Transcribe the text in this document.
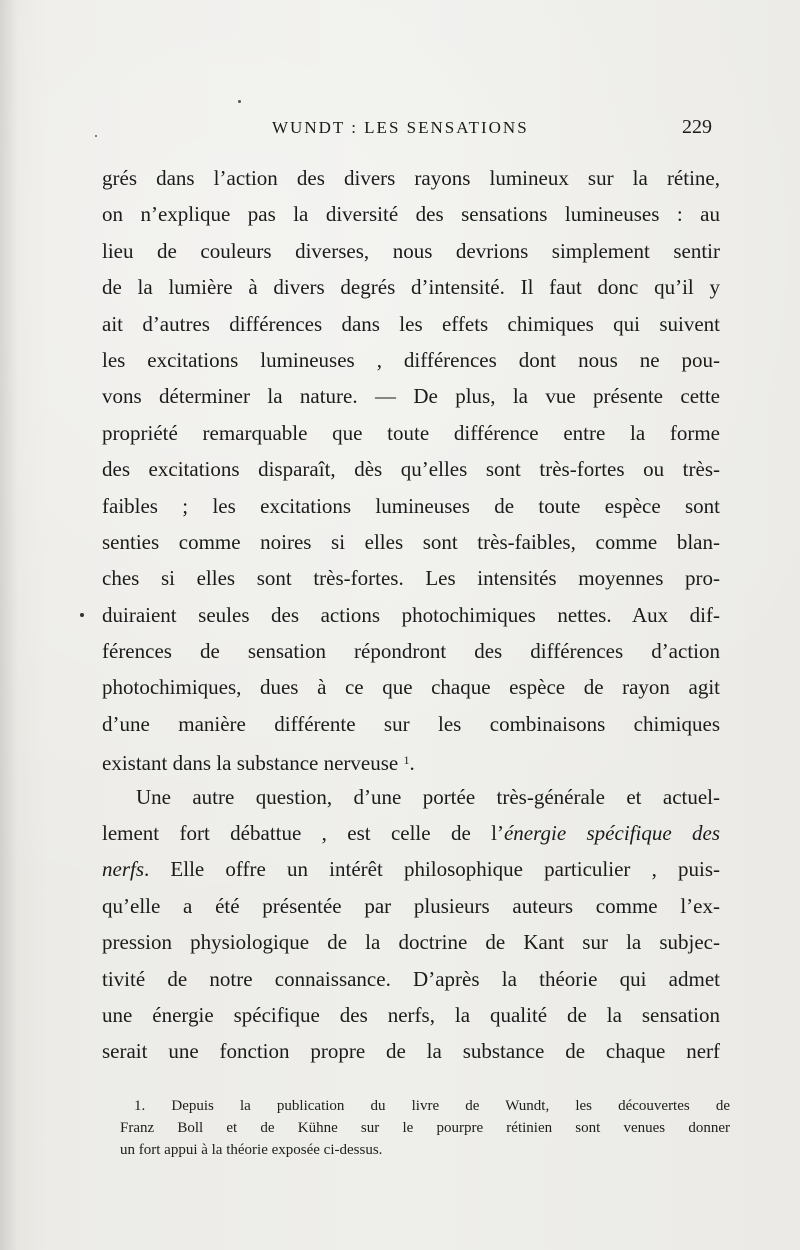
WUNDT : LES SENSATIONS	229
grés dans l’action des divers rayons lumineux sur la rétine,
on n’explique pas la diversité des sensations lumineuses : au
lieu de couleurs diverses, nous devrions simplement sentir
de la lumière à divers degrés d’intensité. Il faut donc qu’il y
ait d’autres différences dans les effets chimiques qui suivent
les excitations lumineuses , différences dont nous ne pou-
vons déterminer la nature. — De plus, la vue présente cette
propriété remarquable que toute différence entre la forme
des excitations disparaît, dès qu’elles sont très-fortes ou très-
faibles ; les excitations lumineuses de toute espèce sont
senties comme noires si elles sont très-faibles, comme blan-
ches si elles sont très-fortes. Les intensités moyennes pro-
duiraient seules des actions photochimiques nettes. Aux dif-
férences de sensation répondront des différences d’action
photochimiques, dues à ce que chaque espèce de rayon agit
d’une manière différente sur les combinaisons chimiques
existant dans la substance nerveuse $^1$.
Une autre question, d’une portée très-générale et actuel-
lement fort débattue , est celle de l’énergie spécifique des
nerfs. Elle offre un intérêt philosophique particulier , puis-
qu’elle a été présentée par plusieurs auteurs comme l’ex-
pression physiologique de la doctrine de Kant sur la subjec-
tivité de notre connaissance. D’après la théorie qui admet
une énergie spécifique des nerfs, la qualité de la sensation
serait une fonction propre de la substance de chaque nerf
1. Depuis la publication du livre de Wundt, les découvertes de
Franz Boll et de Kühne sur le pourpre rétinien sont venues donner
un fort appui à la théorie exposée ci-dessus.
